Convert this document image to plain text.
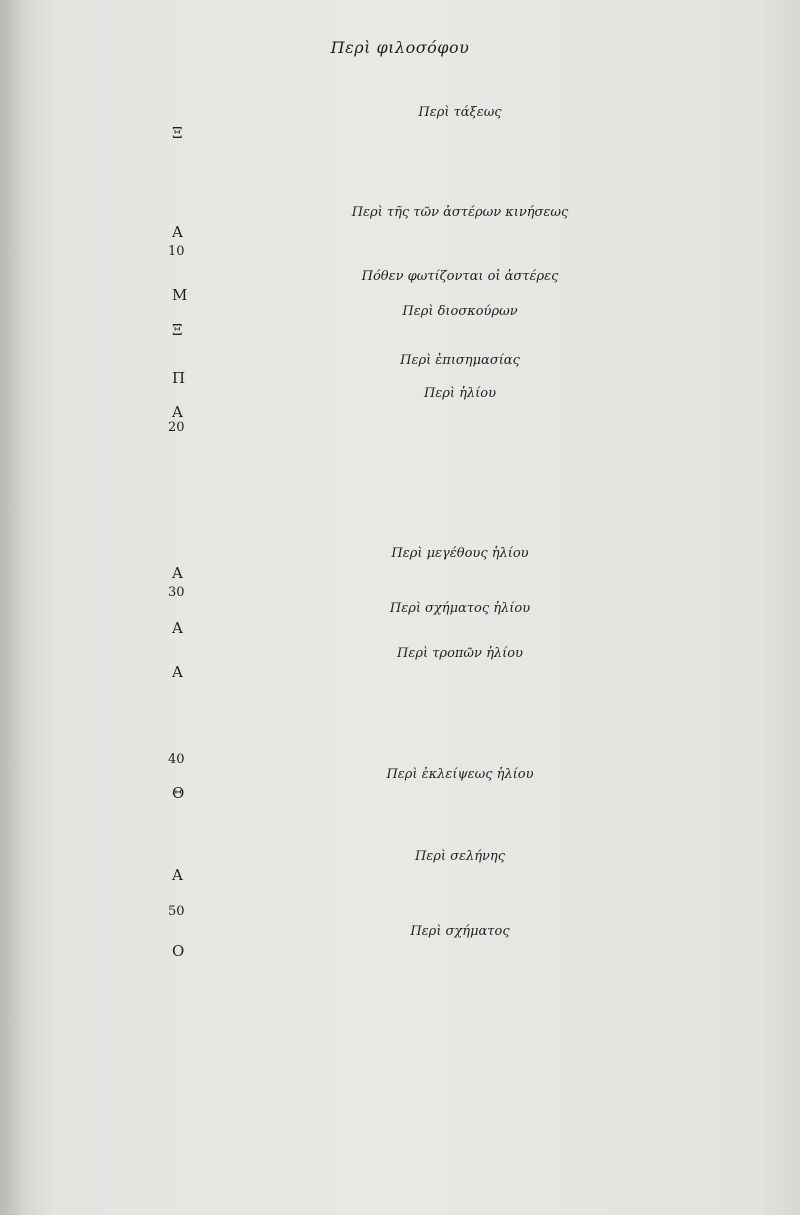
Περὶ φιλοσόφου
Περὶ τάξεως
Περὶ τῆς τῶν ἀστέρων κινήσεως
Πόθεν φωτίζονται οἱ ἀστέρες
Περὶ διοσκούρων
Περὶ ἐπισημασίας
Περὶ ἡλίου
Περὶ μεγέθους ἡλίου
Περὶ σχήματος ἡλίου
Περὶ τροπῶν ἡλίου
Περὶ ἐκλείψεως ἡλίου
Περὶ σελήνης
Περὶ σχήματος
10
20
30
40
50
Ξ
Α
Μ
Ξ
Π
Α
Α
Α
Α
Θ
Α
Ο
